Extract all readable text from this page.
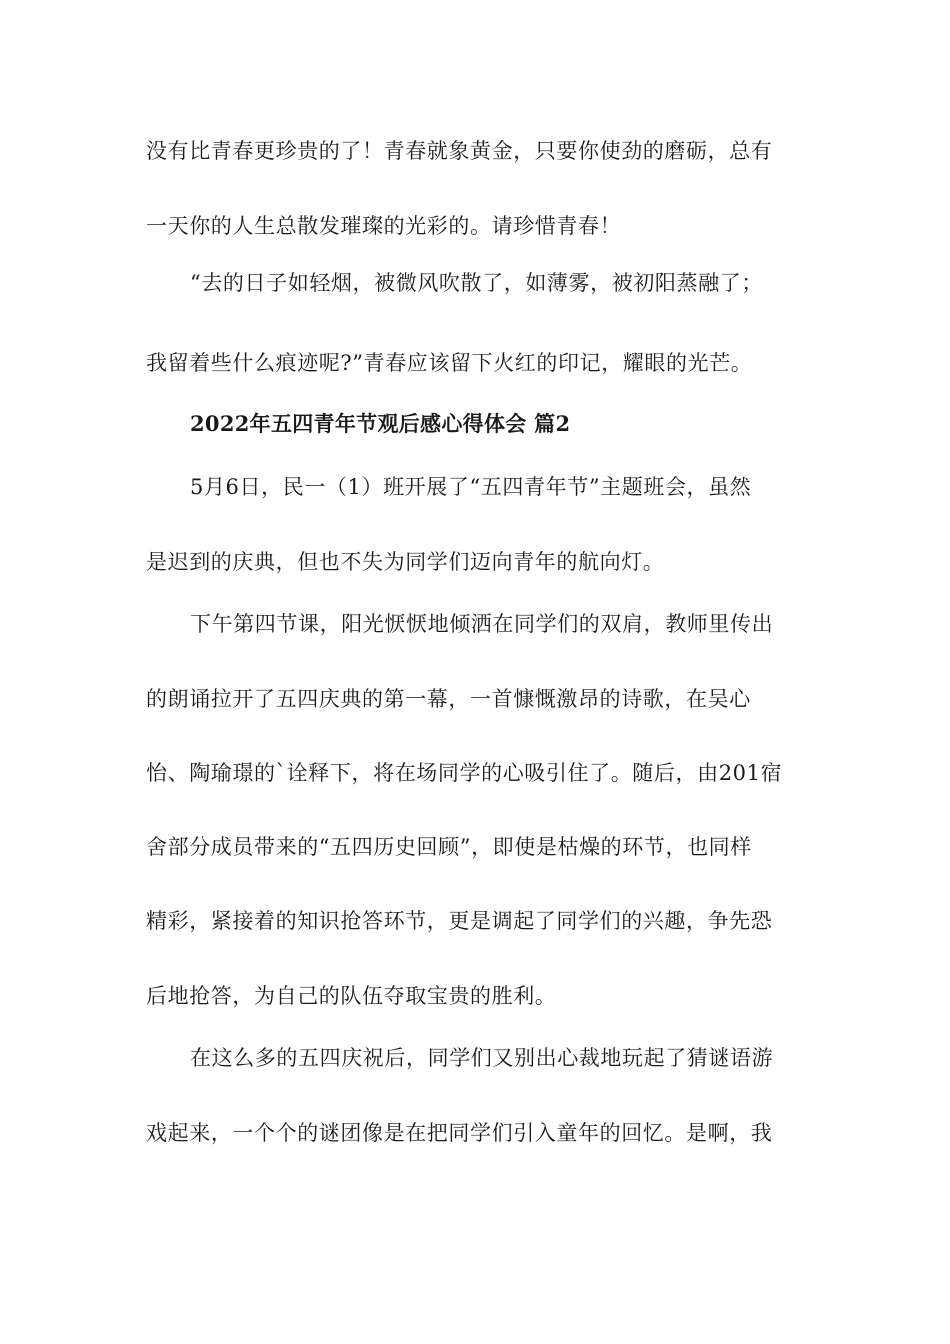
没有比青春更珍贵的了！青春就象黄金，只要你使劲的磨砺，总有
一天你的人生总散发璀璨的光彩的。请珍惜青春！
“去的日子如轻烟，被微风吹散了，如薄雾，被初阳蒸融了；
我留着些什么痕迹呢?”青春应该留下火红的印记，耀眼的光芒。
2022年五四青年节观后感心得体会 篇2
5月6日，民一（1）班开展了“五四青年节”主题班会，虽然
是迟到的庆典，但也不失为同学们迈向青年的航向灯。
下午第四节课，阳光恹恹地倾洒在同学们的双肩，教师里传出
的朗诵拉开了五四庆典的第一幕，一首慷慨激昂的诗歌，在吴心
怡、陶瑜璟的`诠释下，将在场同学的心吸引住了。随后，由201宿
舍部分成员带来的“五四历史回顾”，即使是枯燥的环节，也同样
精彩，紧接着的知识抢答环节，更是调起了同学们的兴趣，争先恐
后地抢答，为自己的队伍夺取宝贵的胜利。
在这么多的五四庆祝后，同学们又别出心裁地玩起了猜谜语游
戏起来，一个个的谜团像是在把同学们引入童年的回忆。是啊，我
